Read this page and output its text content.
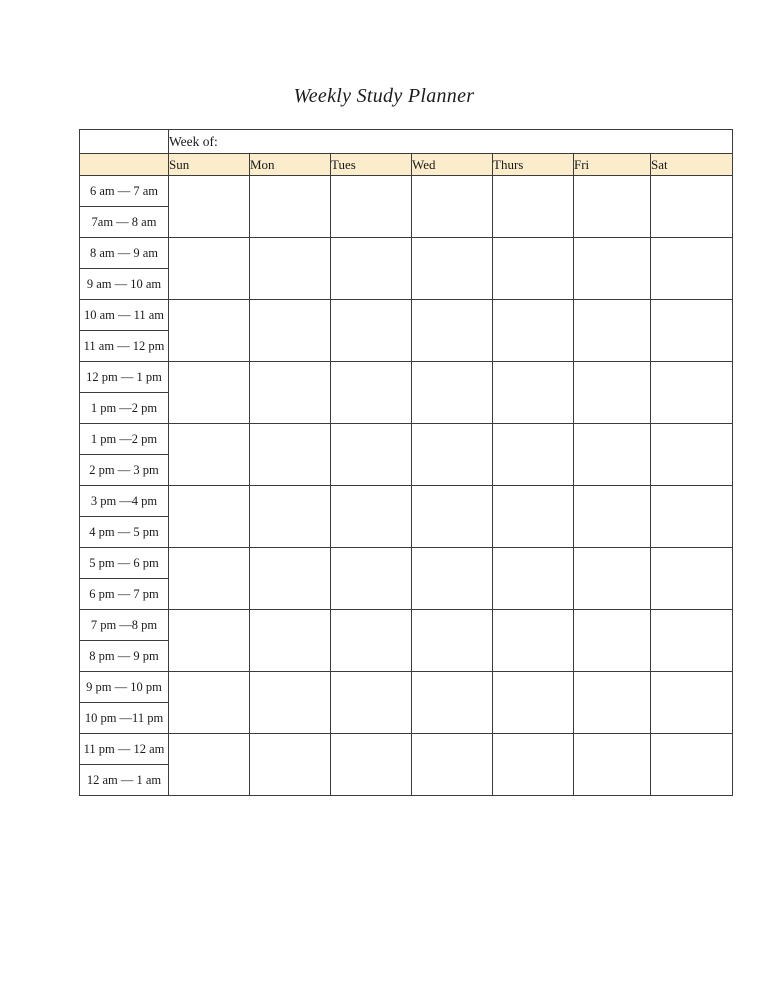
Weekly Study Planner
	Week of:						
	Sun	Mon	Tues	Wed	Thurs	Fri	Sat
6 am — 7 am							
7am — 8 am							
8 am — 9 am							
9 am — 10 am							
10 am — 11 am							
11 am — 12 pm							
12 pm — 1 pm							
1 pm —2 pm							
1 pm —2 pm							
2 pm — 3 pm							
3 pm —4 pm							
4 pm — 5 pm							
5 pm — 6 pm							
6 pm — 7 pm							
7 pm —8 pm							
8 pm — 9 pm							
9 pm — 10 pm							
10 pm —11 pm							
11 pm — 12 am							
12 am — 1 am							
